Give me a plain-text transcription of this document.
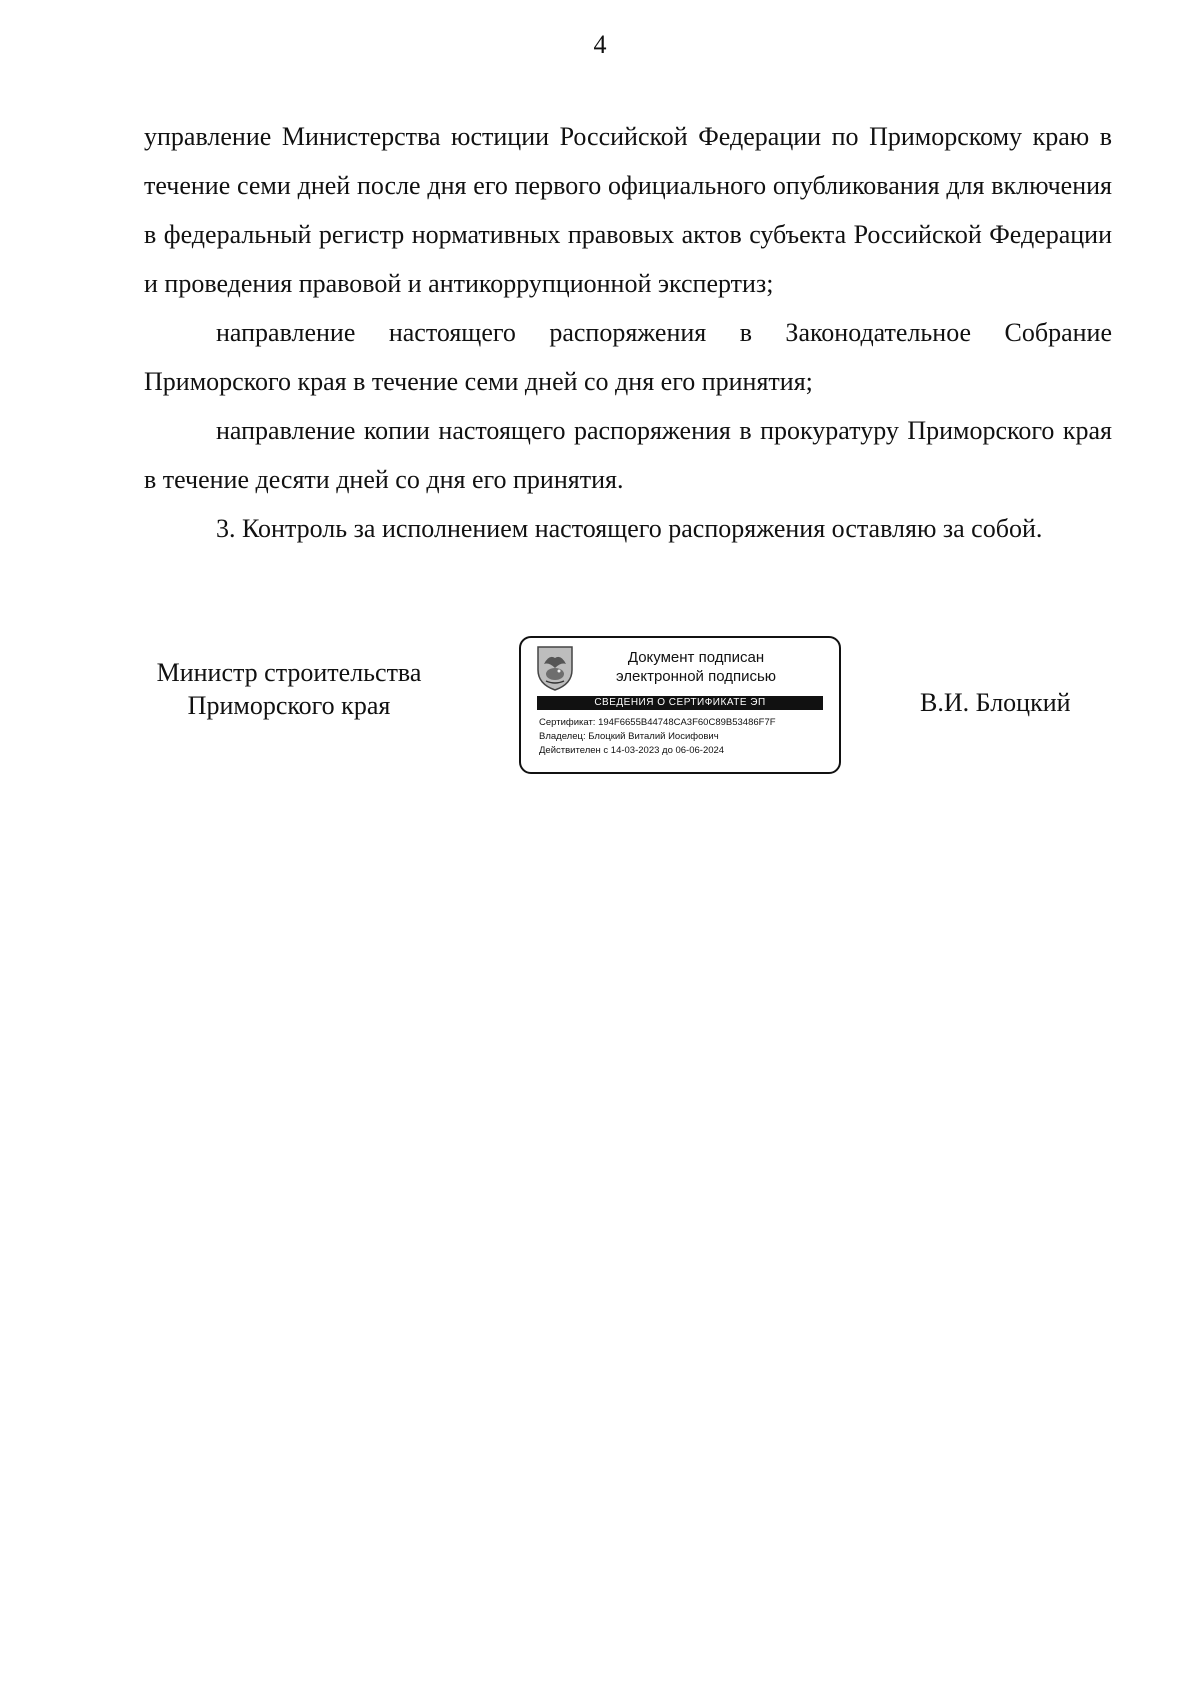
4

управление Министерства юстиции Российской Федерации по Приморскому краю в течение семи дней после дня его первого официального опубликования для включения в федеральный регистр нормативных правовых актов субъекта Российской Федерации и проведения правовой и антикоррупционной экспертиз;

направление настоящего распоряжения в Законодательное Собрание Приморского края в течение семи дней со дня его принятия;

направление копии настоящего распоряжения в прокуратуру Приморского края в течение десяти дней со дня его принятия.

3. Контроль за исполнением настоящего распоряжения оставляю за собой.

Министр строительства
Приморского края
Документ подписан
электронной подписью
СВЕДЕНИЯ О СЕРТИФИКАТЕ ЭП
Сертификат: 194F6655B44748CA3F60C89B53486F7F
Владелец: Блоцкий Виталий Иосифович
Действителен с 14-03-2023 до 06-06-2024
В.И. Блоцкий
